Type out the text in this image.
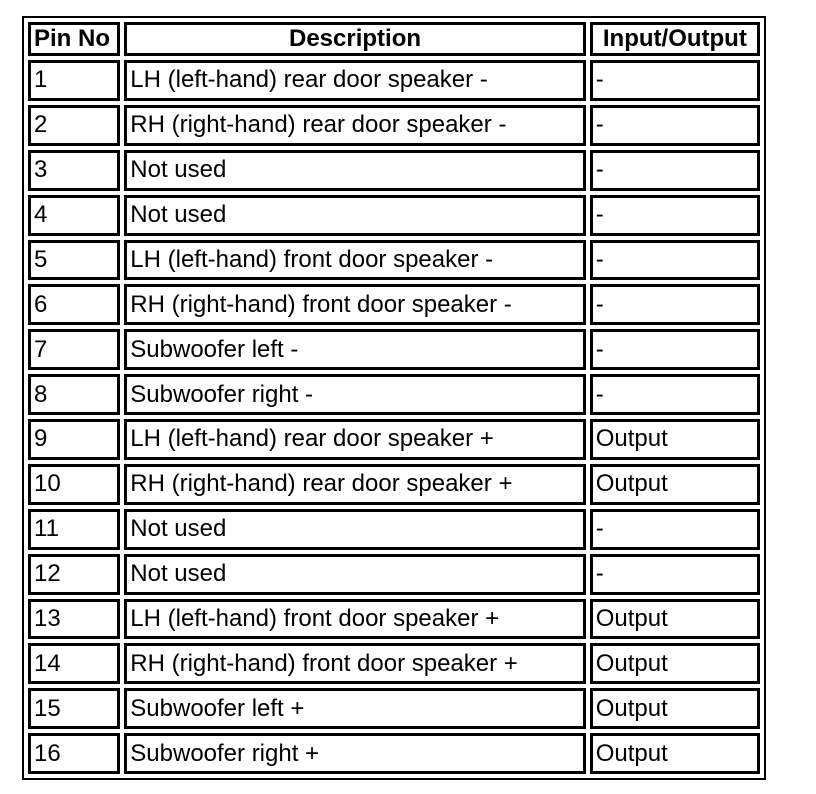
Pin No	Description	Input/Output
1	LH (left-hand) rear door speaker -	-
2	RH (right-hand) rear door speaker -	-
3	Not used	-
4	Not used	-
5	LH (left-hand) front door speaker -	-
6	RH (right-hand) front door speaker -	-
7	Subwoofer left -	-
8	Subwoofer right -	-
9	LH (left-hand) rear door speaker +	Output
10	RH (right-hand) rear door speaker +	Output
11	Not used	-
12	Not used	-
13	LH (left-hand) front door speaker +	Output
14	RH (right-hand) front door speaker +	Output
15	Subwoofer left +	Output
16	Subwoofer right +	Output
